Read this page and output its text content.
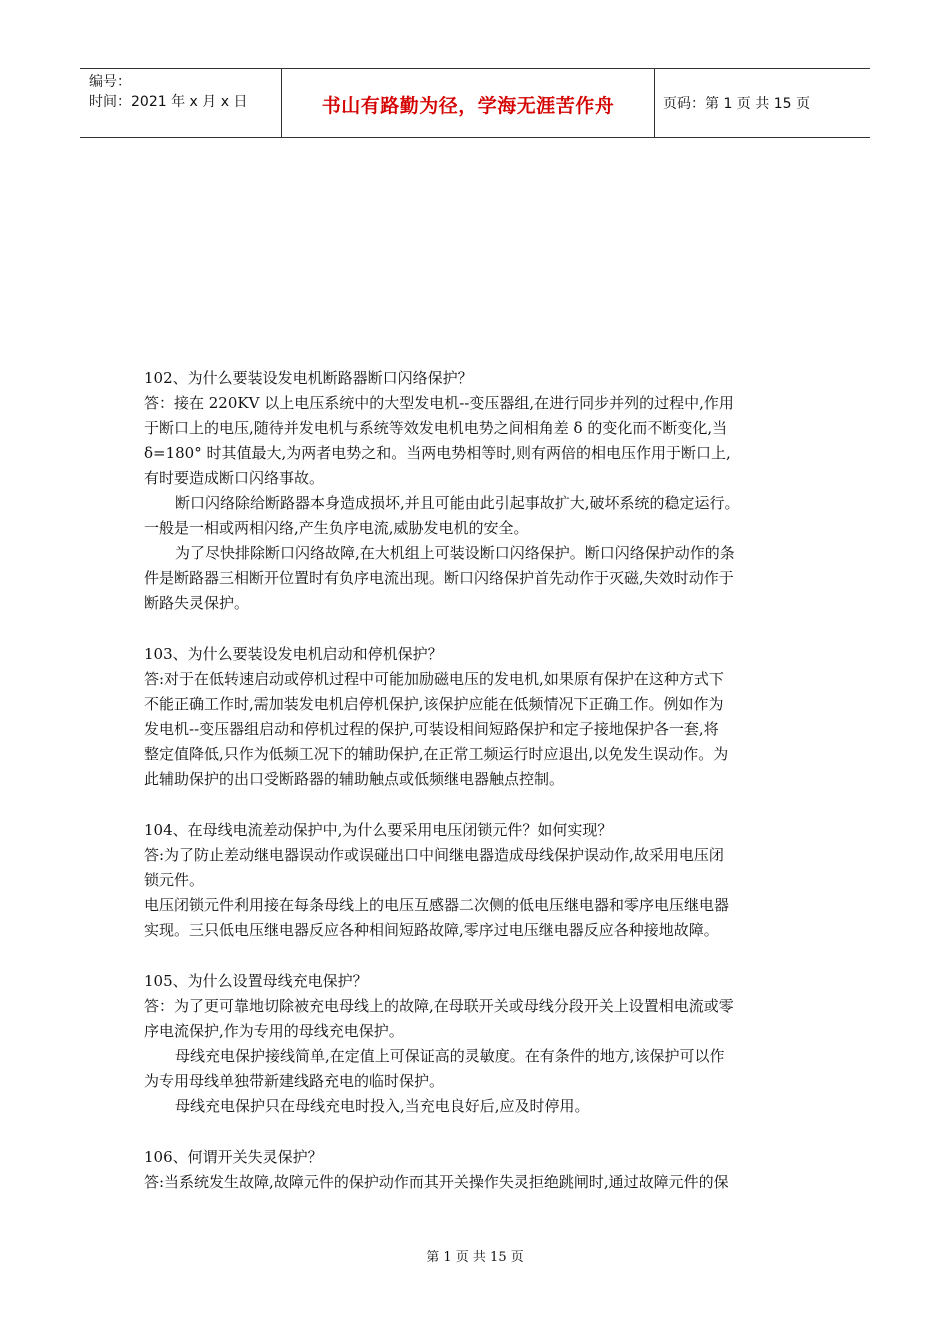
编号：
时间：2021 年 x 月 x 日	书山有路勤为径，学海无涯苦作舟	页码：第 1 页 共 15 页

102、为什么要装设发电机断路器断口闪络保护？

答：接在 220KV 以上电压系统中的大型发电机--变压器组,在进行同步并列的过程中,作用

于断口上的电压,随待并发电机与系统等效发电机电势之间相角差 δ 的变化而不断变化,当

δ=180° 时其值最大,为两者电势之和。当两电势相等时,则有两倍的相电压作用于断口上,

有时要造成断口闪络事故。

断口闪络除给断路器本身造成损坏,并且可能由此引起事故扩大,破坏系统的稳定运行。

一般是一相或两相闪络,产生负序电流,威胁发电机的安全。

为了尽快排除断口闪络故障,在大机组上可装设断口闪络保护。断口闪络保护动作的条

件是断路器三相断开位置时有负序电流出现。断口闪络保护首先动作于灭磁,失效时动作于

断路失灵保护。

103、为什么要装设发电机启动和停机保护？

答:对于在低转速启动或停机过程中可能加励磁电压的发电机,如果原有保护在这种方式下

不能正确工作时,需加装发电机启停机保护,该保护应能在低频情况下正确工作。例如作为

发电机--变压器组启动和停机过程的保护,可装设相间短路保护和定子接地保护各一套,将

整定值降低,只作为低频工况下的辅助保护,在正常工频运行时应退出,以免发生误动作。为

此辅助保护的出口受断路器的辅助触点或低频继电器触点控制。

104、在母线电流差动保护中,为什么要采用电压闭锁元件？如何实现？

答:为了防止差动继电器误动作或误碰出口中间继电器造成母线保护误动作,故采用电压闭

锁元件。

电压闭锁元件利用接在每条母线上的电压互感器二次侧的低电压继电器和零序电压继电器

实现。三只低电压继电器反应各种相间短路故障,零序过电压继电器反应各种接地故障。

105、为什么设置母线充电保护？

答：为了更可靠地切除被充电母线上的故障,在母联开关或母线分段开关上设置相电流或零

序电流保护,作为专用的母线充电保护。

母线充电保护接线简单,在定值上可保证高的灵敏度。在有条件的地方,该保护可以作

为专用母线单独带新建线路充电的临时保护。

母线充电保护只在母线充电时投入,当充电良好后,应及时停用。

106、何谓开关失灵保护？

答:当系统发生故障,故障元件的保护动作而其开关操作失灵拒绝跳闸时,通过故障元件的保

第 1 页 共 15 页
